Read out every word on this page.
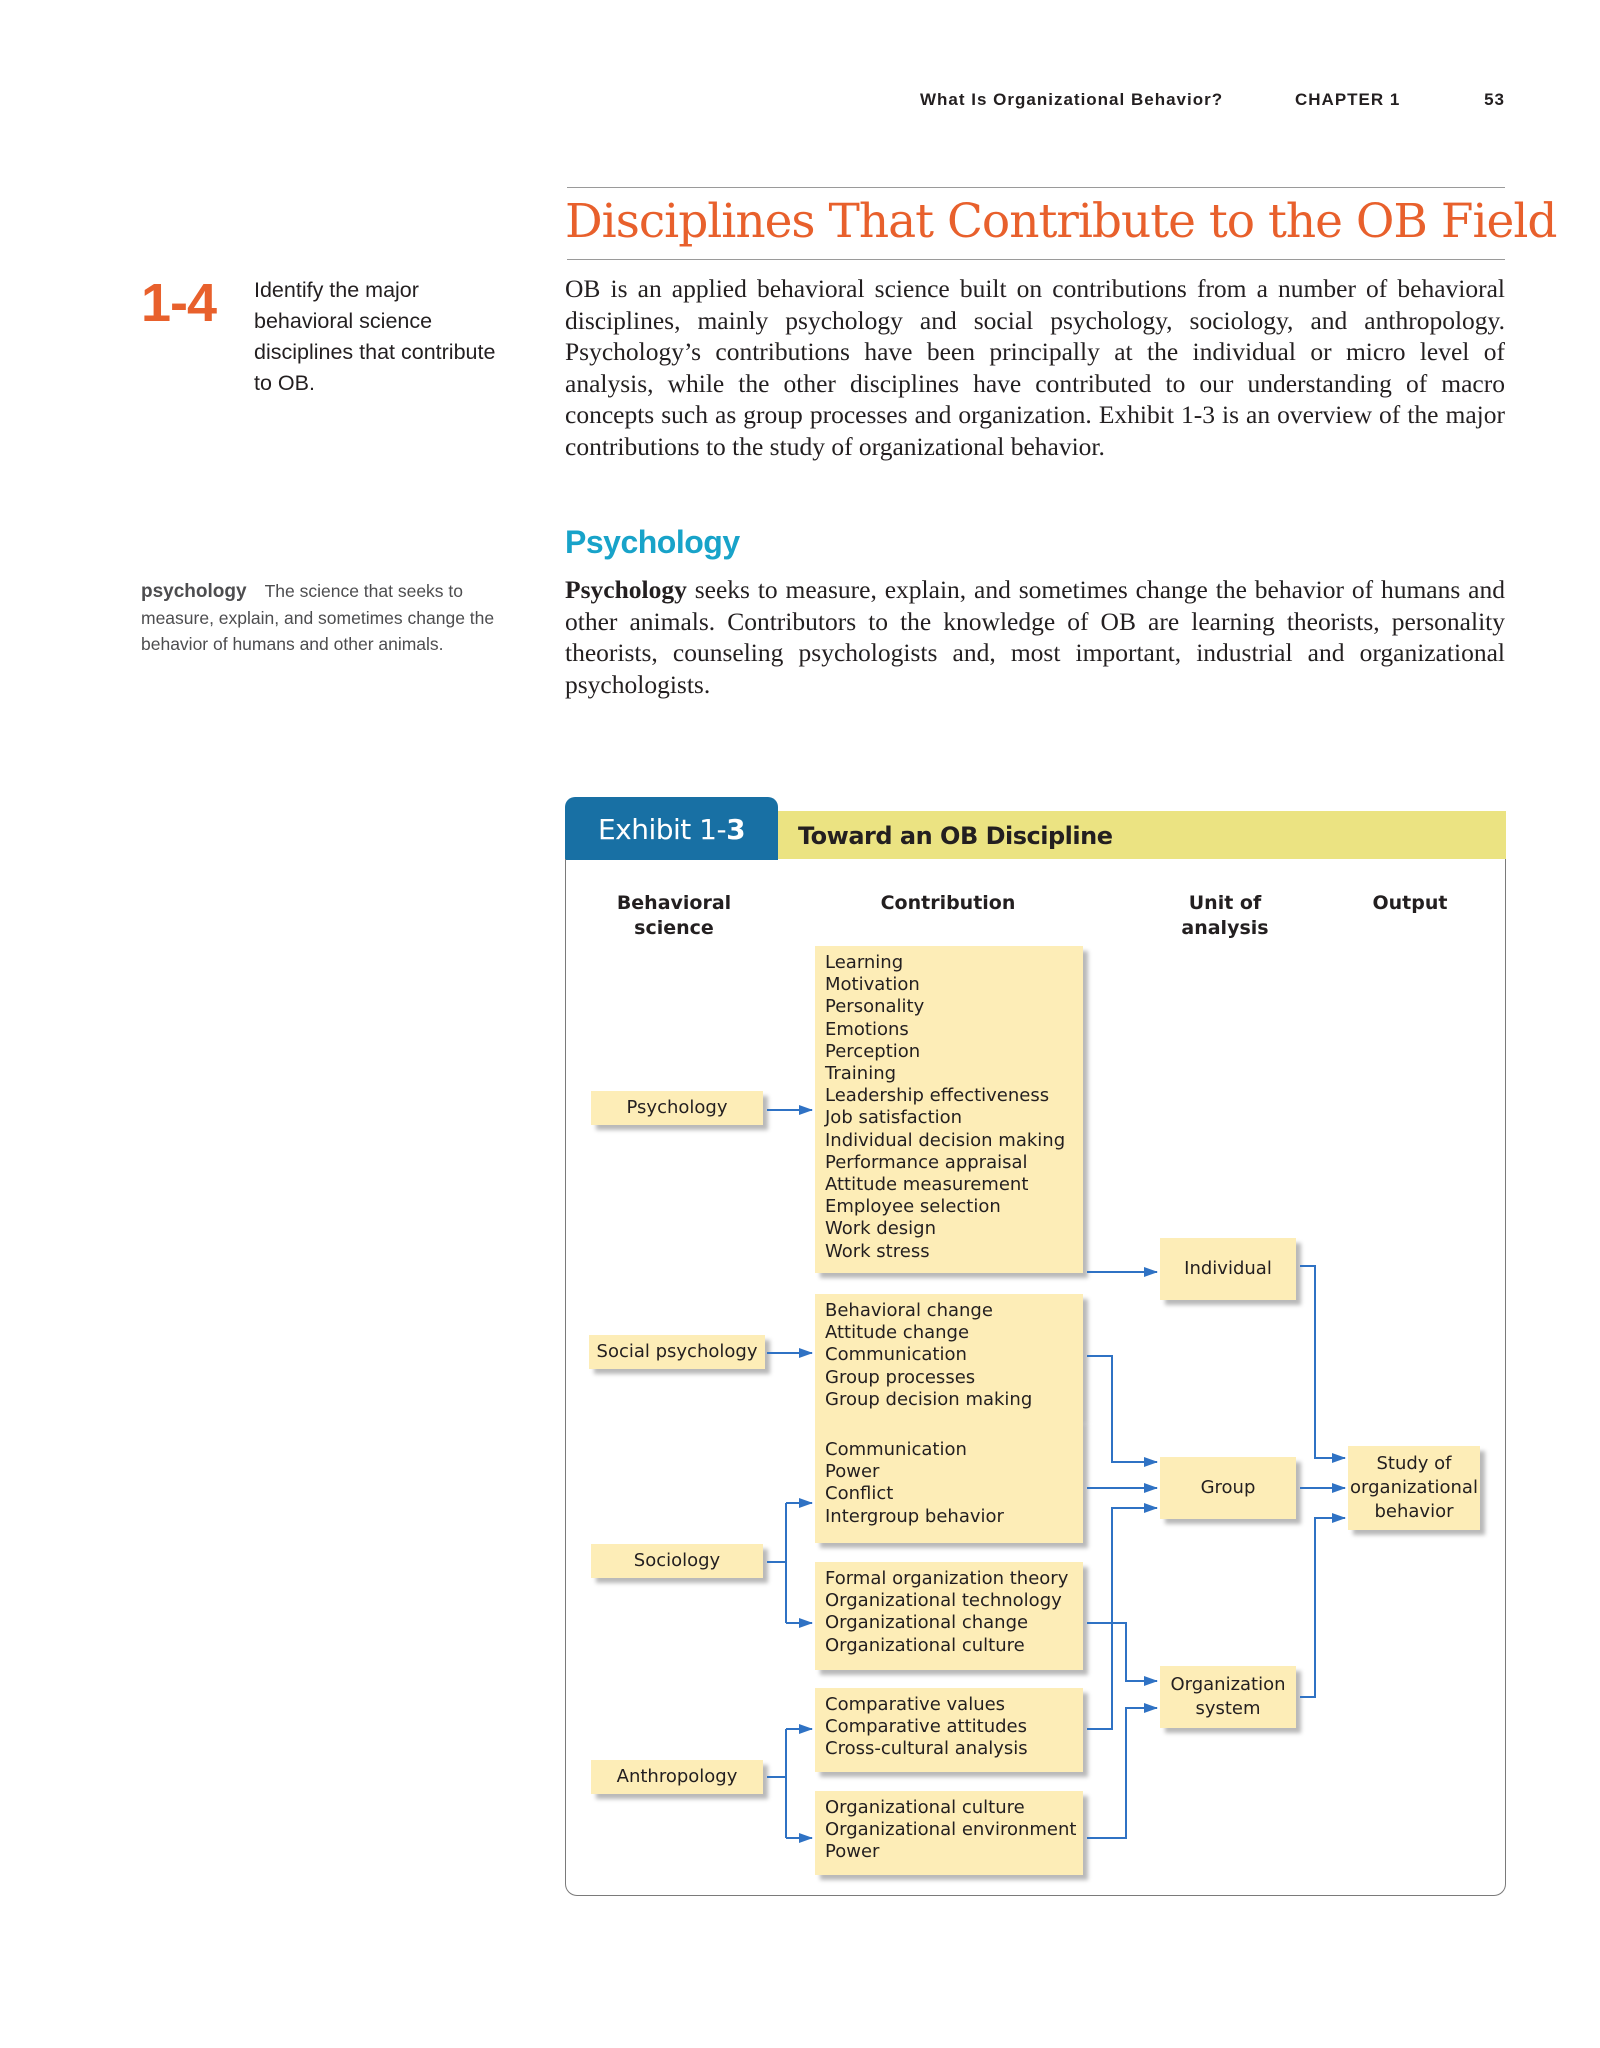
What Is Organizational Behavior?	CHAPTER 1	53
Disciplines That Contribute to the OB Field
1-4 Identify the major behavioral science disciplines that contribute to OB.

OB is an applied behavioral science built on contributions from a number of behavioral disciplines, mainly psychology and social psychology, sociology, and anthropology. Psychology’s contributions have been principally at the individual or micro level of analysis, while the other disciplines have contributed to our understanding of macro concepts such as group processes and organization. Exhibit 1-3 is an overview of the major contributions to the study of organizational behavior.

Psychology
psychology The science that seeks to measure, explain, and sometimes change the behavior of humans and other animals.

Psychology seeks to measure, explain, and sometimes change the behavior of humans and other animals. Contributors to the knowledge of OB are learning theorists, personality theorists, counseling psychologists and, most important, industrial and organizational psychologists.

Exhibit 1-3	Toward an OB Discipline
Behavioral
science
Contribution	Unit of
analysis
Output
Psychology
Social psychology
Sociology
Anthropology
Learning
Motivation
Personality
Emotions
Perception
Training
Leadership effectiveness
Job satisfaction
Individual decision making
Performance appraisal
Attitude measurement
Employee selection
Work design
Work stress
Behavioral change
Attitude change
Communication
Group processes
Group decision making
Communication
Power
Conflict
Intergroup behavior
Formal organization theory
Organizational technology
Organizational change
Organizational culture
Comparative values
Comparative attitudes
Cross-cultural analysis
Organizational culture
Organizational environment
Power
Individual
Group
Organization
system
Study of
organizational
behavior
